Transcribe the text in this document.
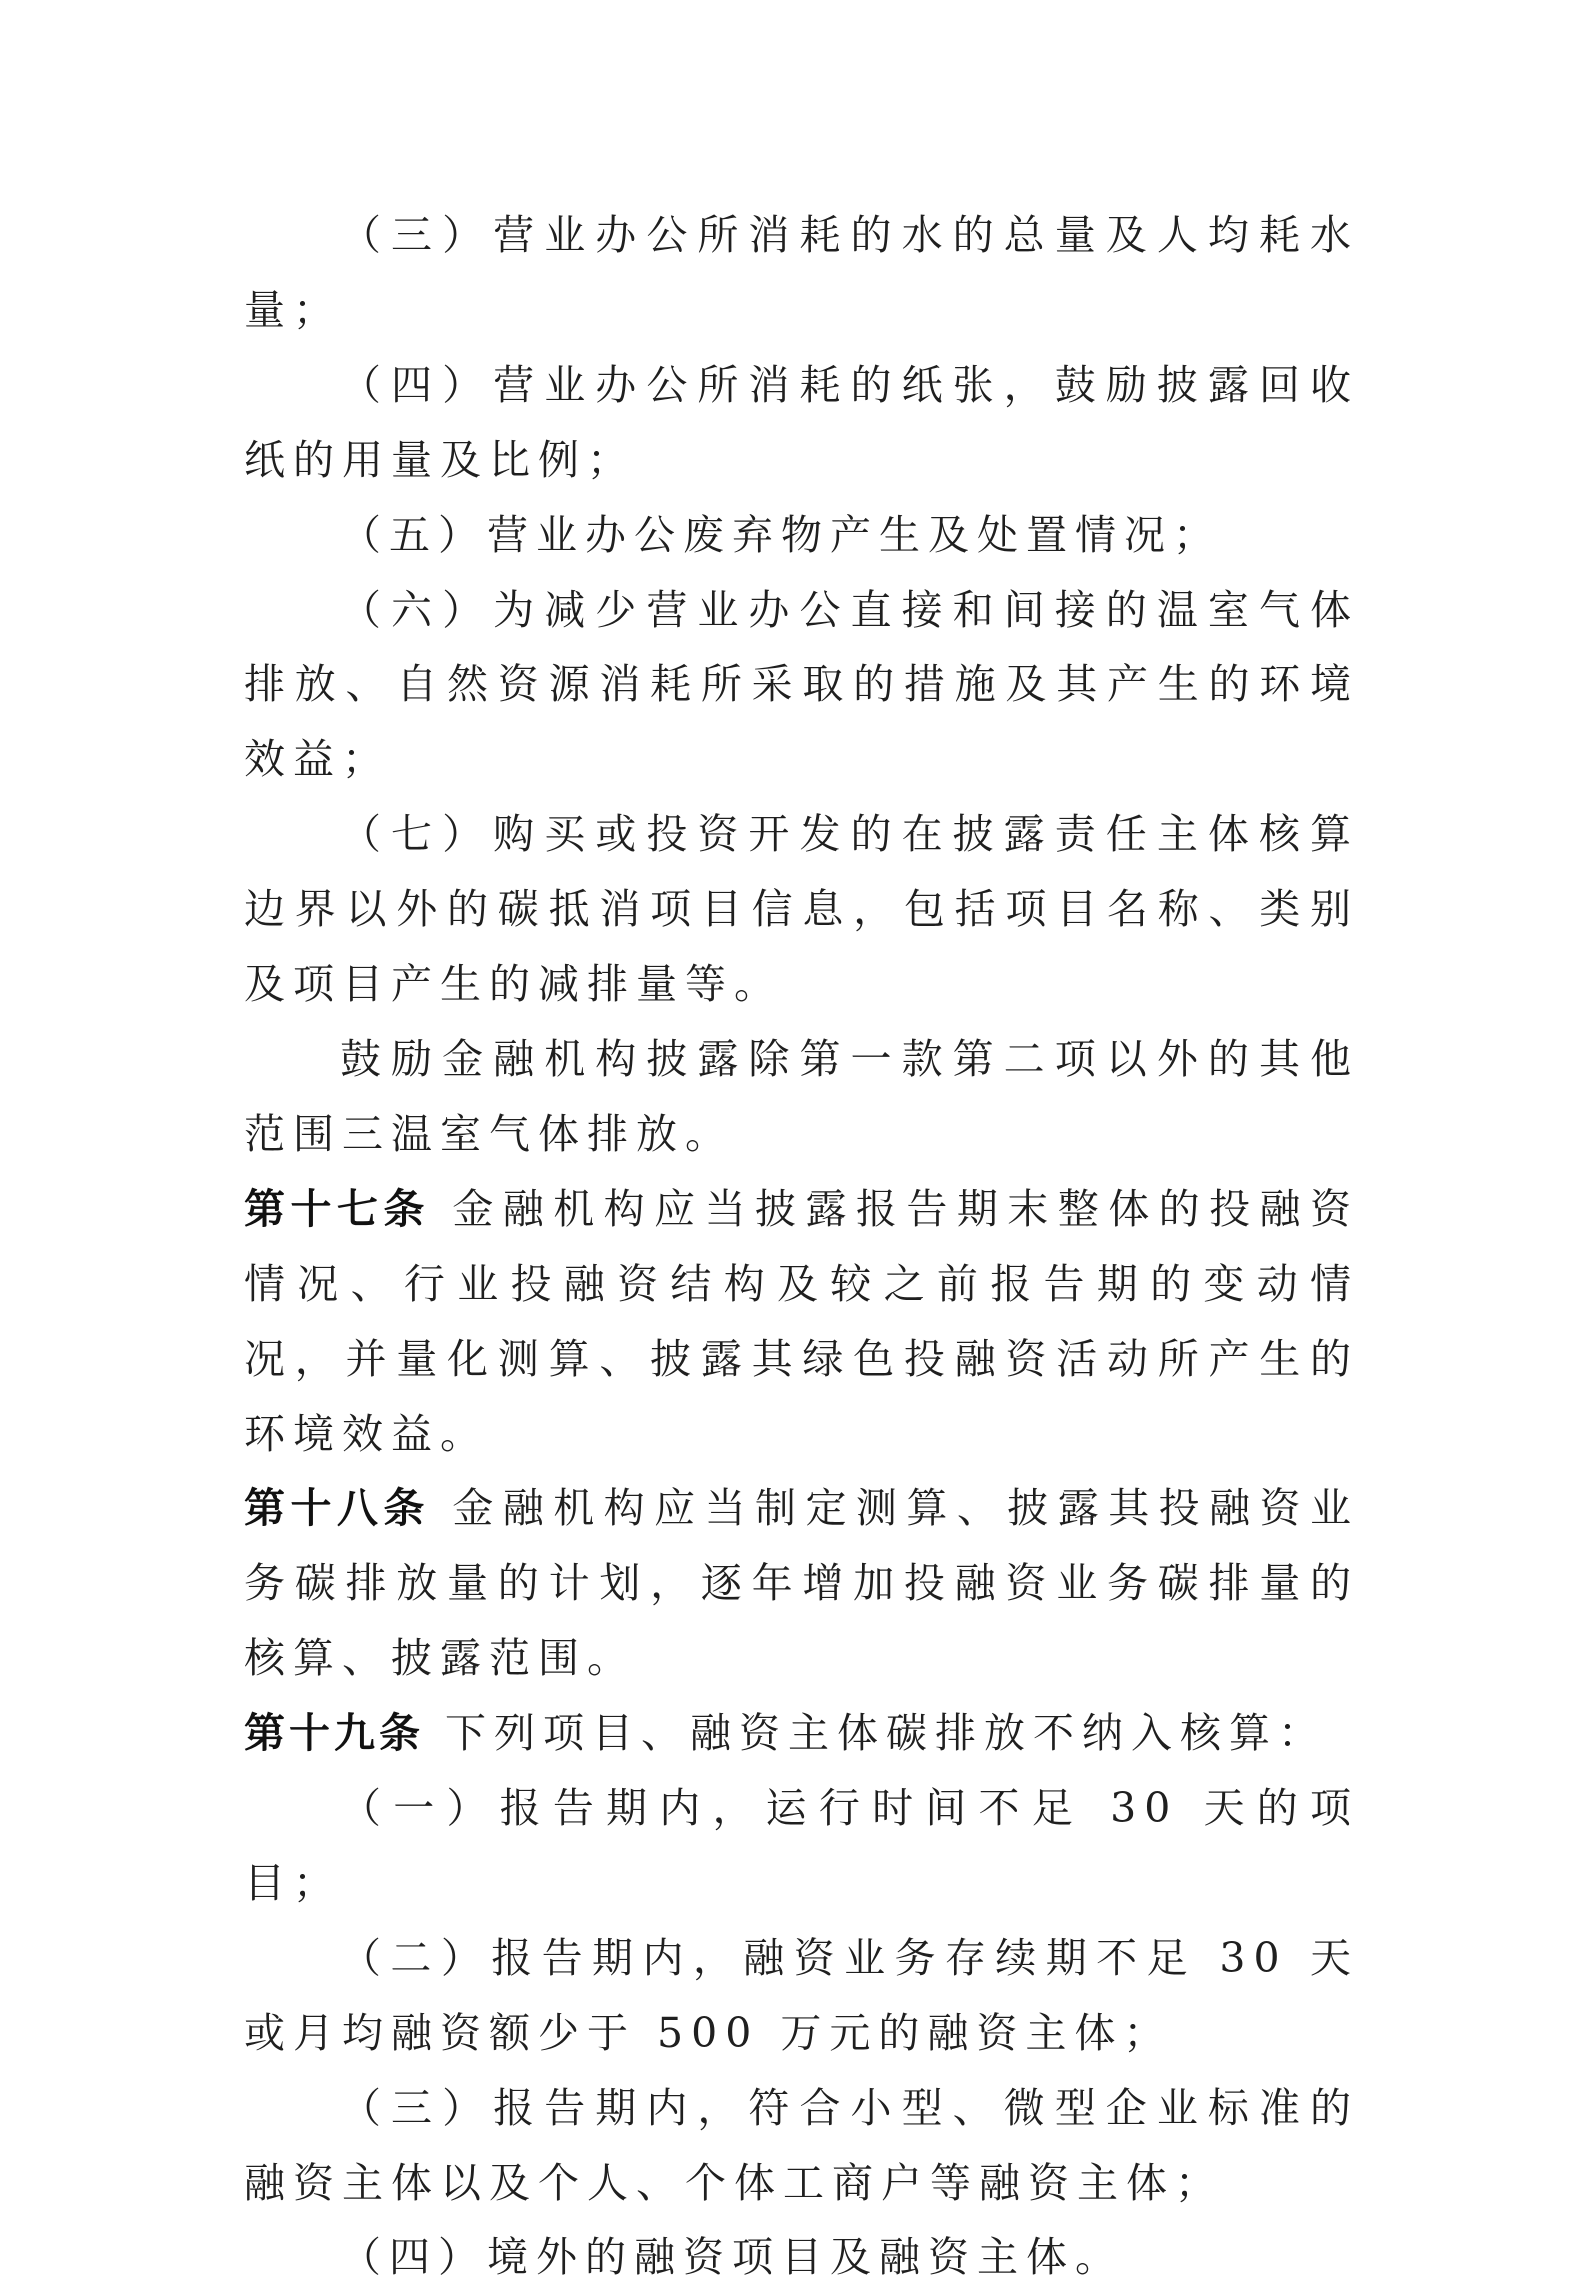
（三）营业办公所消耗的水的总量及人均耗水量；

（四）营业办公所消耗的纸张，鼓励披露回收纸的用量及比例；

（五）营业办公废弃物产生及处置情况；

（六）为减少营业办公直接和间接的温室气体排放、自然资源消耗所采取的措施及其产生的环境效益；

（七）购买或投资开发的在披露责任主体核算边界以外的碳抵消项目信息，包括项目名称、类别及项目产生的减排量等。

鼓励金融机构披露除第一款第二项以外的其他范围三温室气体排放。

第十七条 金融机构应当披露报告期末整体的投融资情况、行业投融资结构及较之前报告期的变动情况，并量化测算、披露其绿色投融资活动所产生的环境效益。

第十八条 金融机构应当制定测算、披露其投融资业务碳排放量的计划，逐年增加投融资业务碳排量的核算、披露范围。

第十九条 下列项目、融资主体碳排放不纳入核算：

（一）报告期内，运行时间不足 30 天的项目；

（二）报告期内，融资业务存续期不足 30 天或月均融资额少于 500 万元的融资主体；

（三）报告期内，符合小型、微型企业标准的融资主体以及个人、个体工商户等融资主体；

（四）境外的融资项目及融资主体。
